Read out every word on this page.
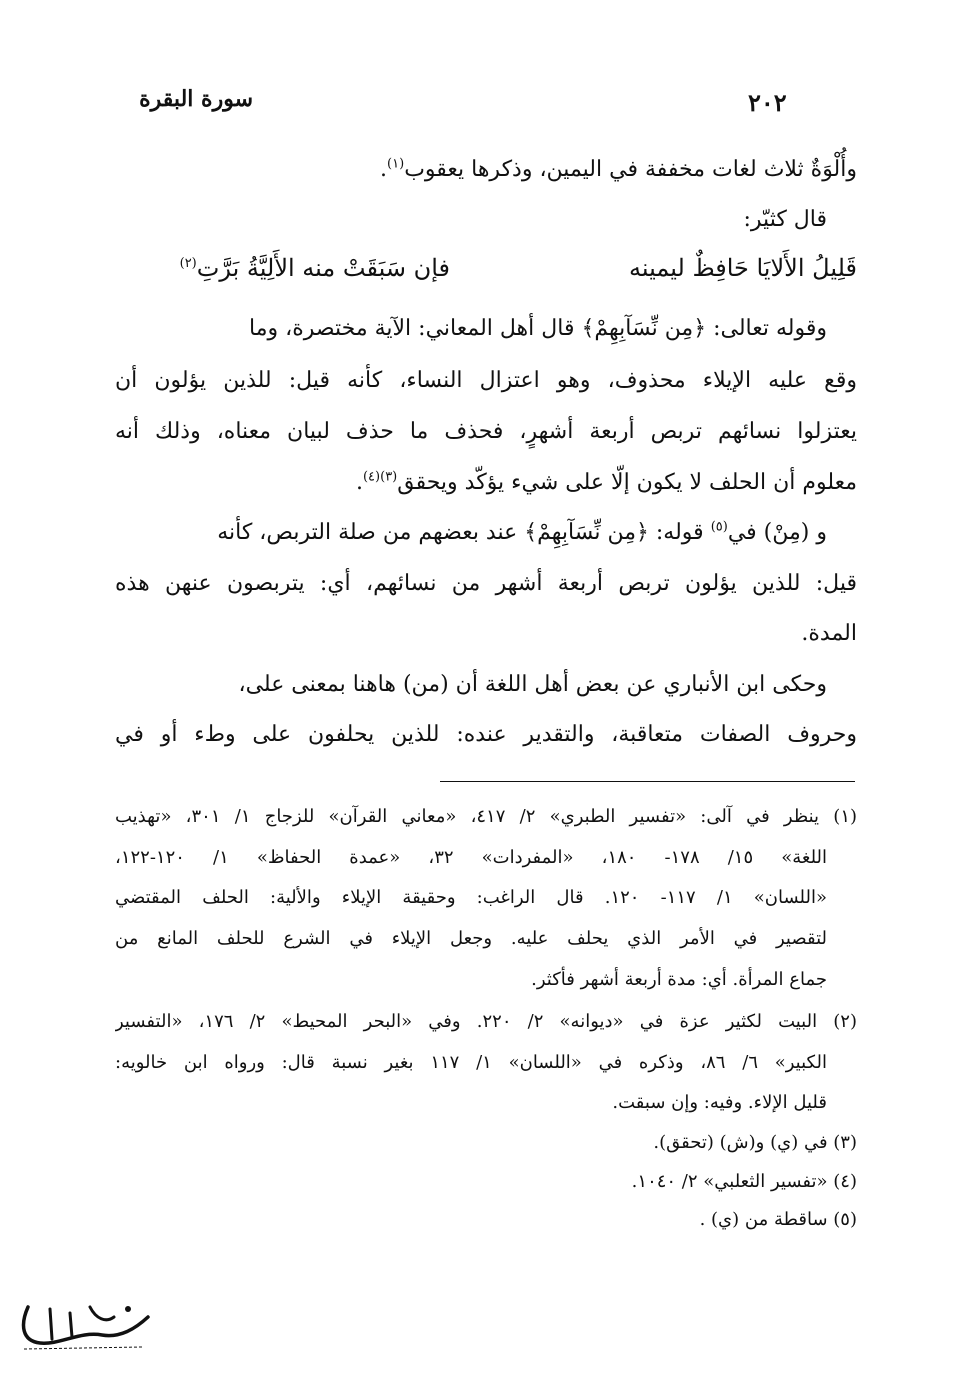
سورة البقرة	٢٠٢
وأُلْوَةٌ ثلاث لغات مخففة في اليمين، وذكرها يعقوب$^{(١)}$.
قال كثيّر:
قَلِيلُ الأَلايَا حَافِظٌ ليمينه
فإن سَبَقَتْ منه الأَلِيَّةُ بَرَّتِ$^{(٢)}$
وقوله تعالى: ﴿مِن نِّسَآبِهِمْ﴾ قال أهل المعاني: الآية مختصرة، وما
وقع عليه الإيلاء محذوف، وهو اعتزال النساء، كأنه قيل: للذين يؤلون أن
يعتزلوا نسائهم تربص أربعة أشهرٍ، فحذف ما حذف لبيان معناه، وذلك أنه
معلوم أن الحلف لا يكون إلّا على شيء يؤكّد ويحقق$^{(٣)(٤)}$.
و (مِنْ) في$^{(٥)}$ قوله: ﴿مِن نِّسَآبِهِمْ﴾ عند بعضهم من صلة التربص، كأنه
قيل: للذين يؤلون تربص أربعة أشهر من نسائهم، أي: يتربصون عنهن هذه
المدة.
وحكى ابن الأنباري عن بعض أهل اللغة أن (من) هاهنا بمعنى على،
وحروف الصفات متعاقبة، والتقدير عنده: للذين يحلفون على وطء أو في
(١) ينظر في آلى: «تفسير الطبري» ٢/ ٤١٧، «معاني القرآن» للزجاج ١/ ٣٠١، «تهذيب
اللغة» ١٥/ ١٧٨- ١٨٠، «المفردات» ٣٢، «عمدة الحفاظ» ١/ ١٢٠-١٢٢،
«اللسان» ١/ ١١٧- ١٢٠. قال الراغب: وحقيقة الإيلاء والألية: الحلف المقتضي
لتقصير في الأمر الذي يحلف عليه. وجعل الإيلاء في الشرع للحلف المانع من
جماع المرأة. أي: مدة أربعة أشهر فأكثر.
(٢) البيت لكثير عزة في «ديوانه» ٢/ ٢٢٠. وفي «البحر المحيط» ٢/ ١٧٦، «التفسير
الكبير» ٦/ ٨٦، وذكره في «اللسان» ١/ ١١٧ بغير نسبة قال: ورواه ابن خالويه:
قليل الإلاء. وفيه: وإن سبقت.
(٣) في (ي) و(ش) (تحقق).
(٤) «تفسير الثعلبي» ٢/ ١٠٤٠.
(٥) ساقطة من (ي) .
